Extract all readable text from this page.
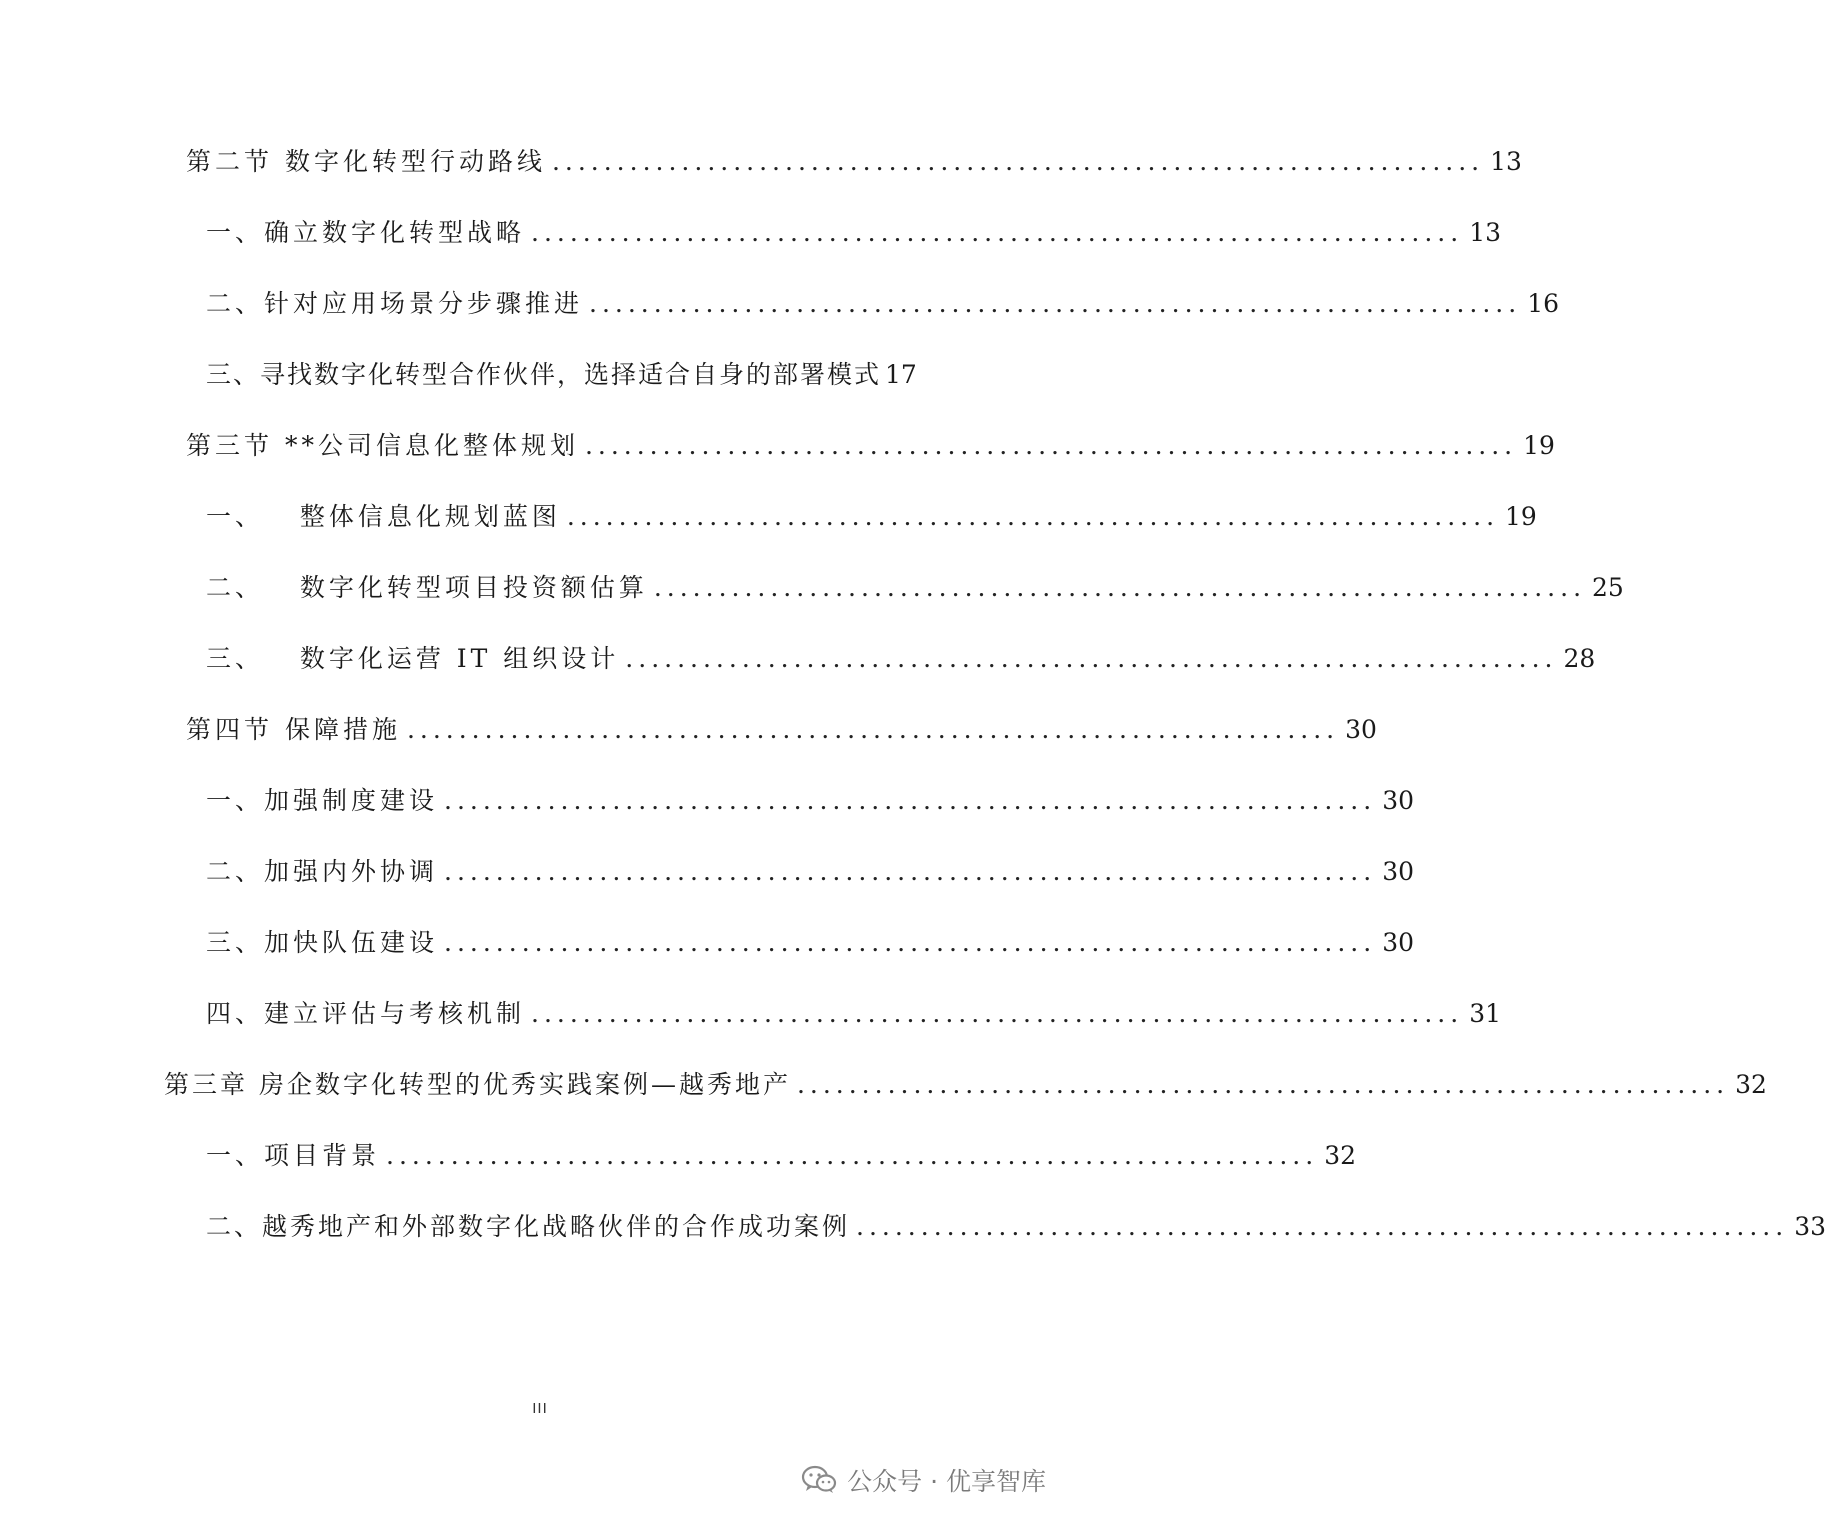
第二节 数字化转型行动路线 ........................................................................ 13
一、确立数字化转型战略 ........................................................................ 13
二、针对应用场景分步骤推进 ........................................................................ 16
三、寻找数字化转型合作伙伴，选择适合自身的部署模式 17
第三节 **公司信息化整体规划 ........................................................................ 19
一、   整体信息化规划蓝图 ........................................................................ 19
二、   数字化转型项目投资额估算 ........................................................................ 25
三、   数字化运营 IT 组织设计 ........................................................................ 28
第四节 保障措施 ........................................................................ 30
一、加强制度建设 ........................................................................ 30
二、加强内外协调 ........................................................................ 30
三、加快队伍建设 ........................................................................ 30
四、建立评估与考核机制 ........................................................................ 31
第三章 房企数字化转型的优秀实践案例—越秀地产 ........................................................................ 32
一、项目背景 ........................................................................ 32
二、越秀地产和外部数字化战略伙伴的合作成功案例 ........................................................................ 33
III
公众号 · 优享智库
